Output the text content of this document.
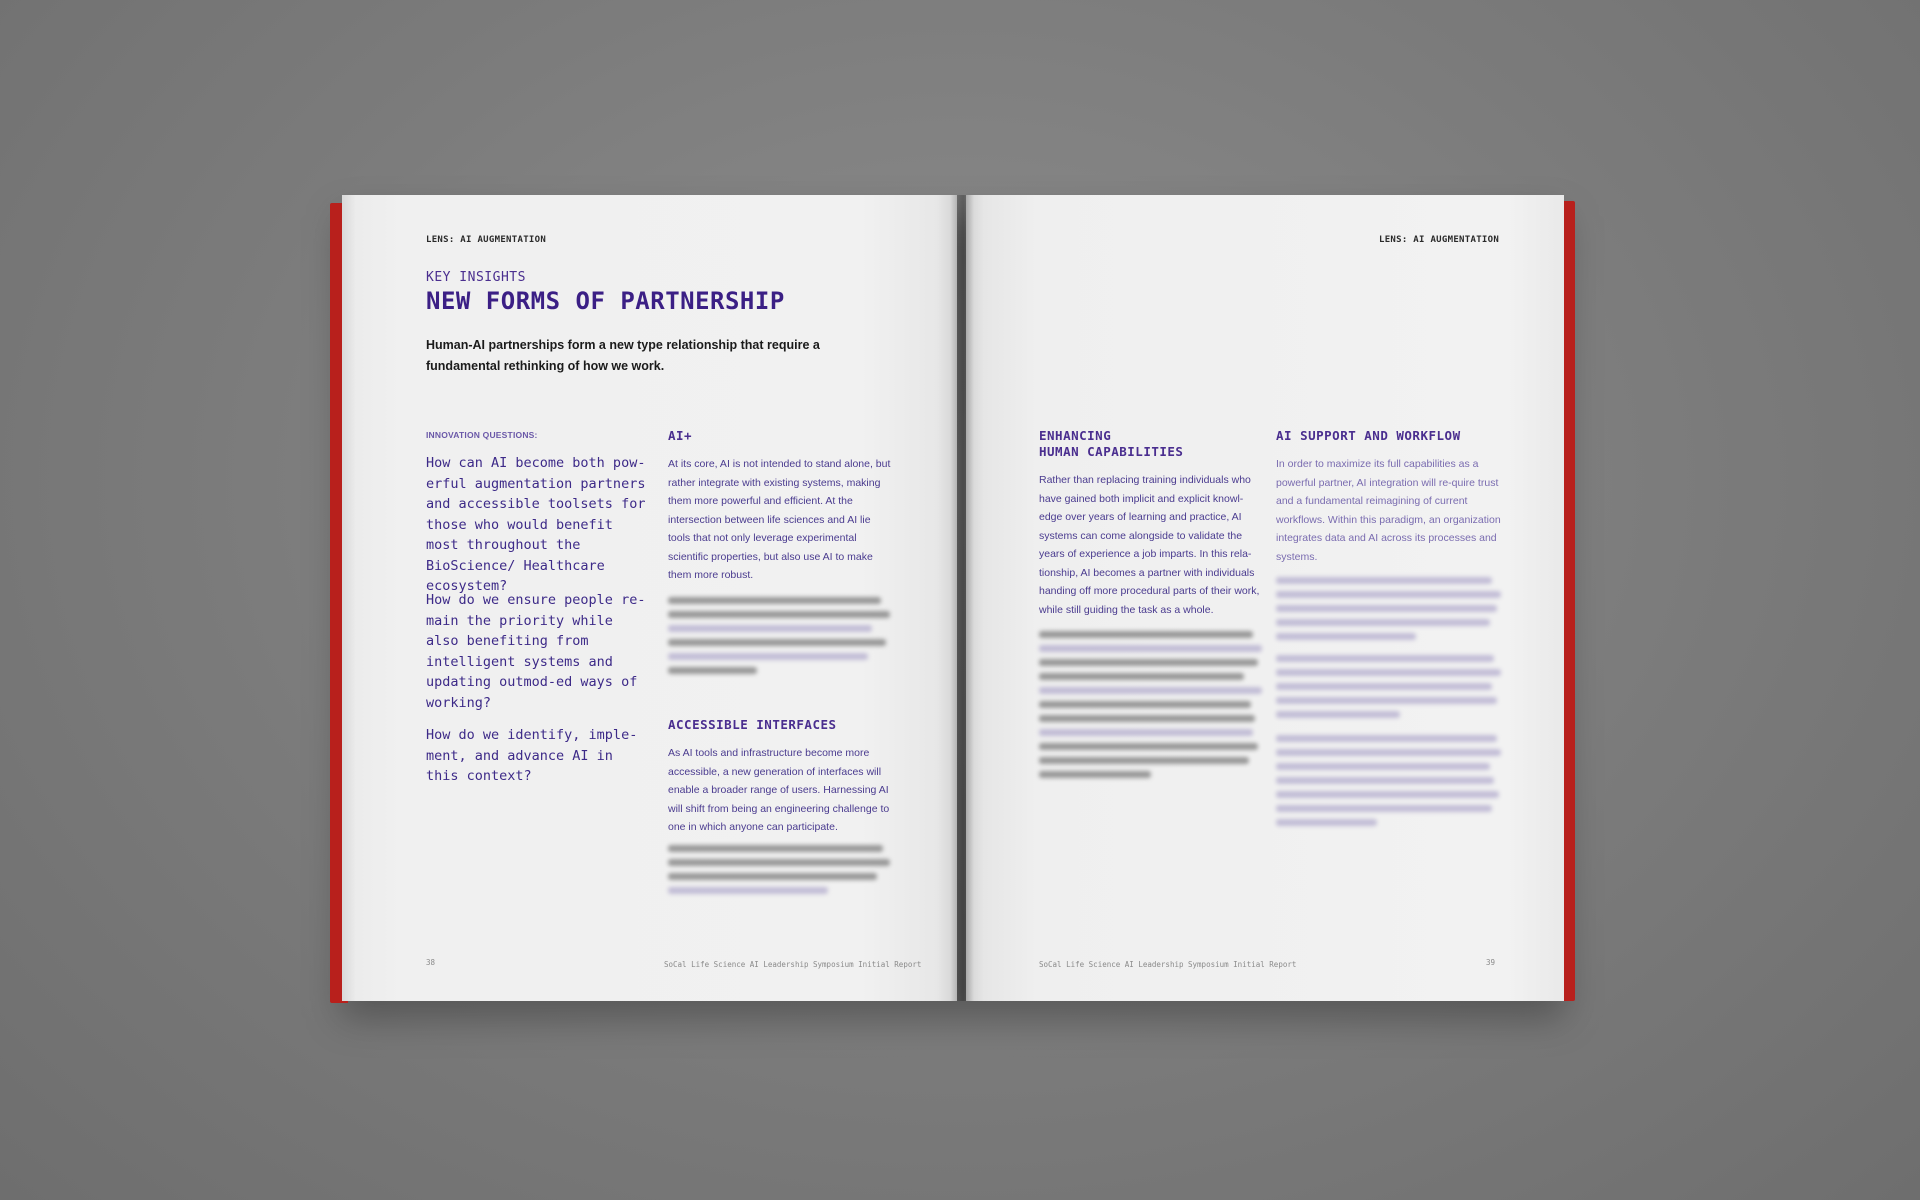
LENS: AI AUGMENTATION
KEY INSIGHTS
NEW FORMS OF PARTNERSHIP
Human-AI partnerships form a new type relationship that require a fundamental rethinking of how we work.
INNOVATION QUESTIONS:
How can AI become both pow-erful augmentation partners and accessible toolsets for those who would benefit most throughout the BioScience/ Healthcare ecosystem?
How do we ensure people re-main the priority while also benefiting from intelligent systems and updating outmod-ed ways of working?
How do we identify, imple-ment, and advance AI in this context?
AI+
At its core, AI is not intended to stand alone, but rather integrate with existing systems, making them more powerful and efficient. At the intersection between life sciences and AI lie tools that not only leverage experimental scientific properties, but also use AI to make them more robust.
ACCESSIBLE INTERFACES
As AI tools and infrastructure become more accessible, a new generation of interfaces will enable a broader range of users. Harnessing AI will shift from being an engineering challenge to one in which anyone can participate.
38	SoCal Life Science AI Leadership Symposium Initial Report
LENS: AI AUGMENTATION
ENHANCING
HUMAN CAPABILITIES
Rather than replacing training individuals who have gained both implicit and explicit knowl-edge over years of learning and practice, AI systems can come alongside to validate the years of experience a job imparts. In this rela-tionship, AI becomes a partner with individuals handing off more procedural parts of their work, while still guiding the task as a whole.
AI SUPPORT AND WORKFLOW
In order to maximize its full capabilities as a powerful partner, AI integration will re-quire trust and a fundamental reimagining of current workflows. Within this paradigm, an organization integrates data and AI across its processes and systems.
SoCal Life Science AI Leadership Symposium Initial Report	39
